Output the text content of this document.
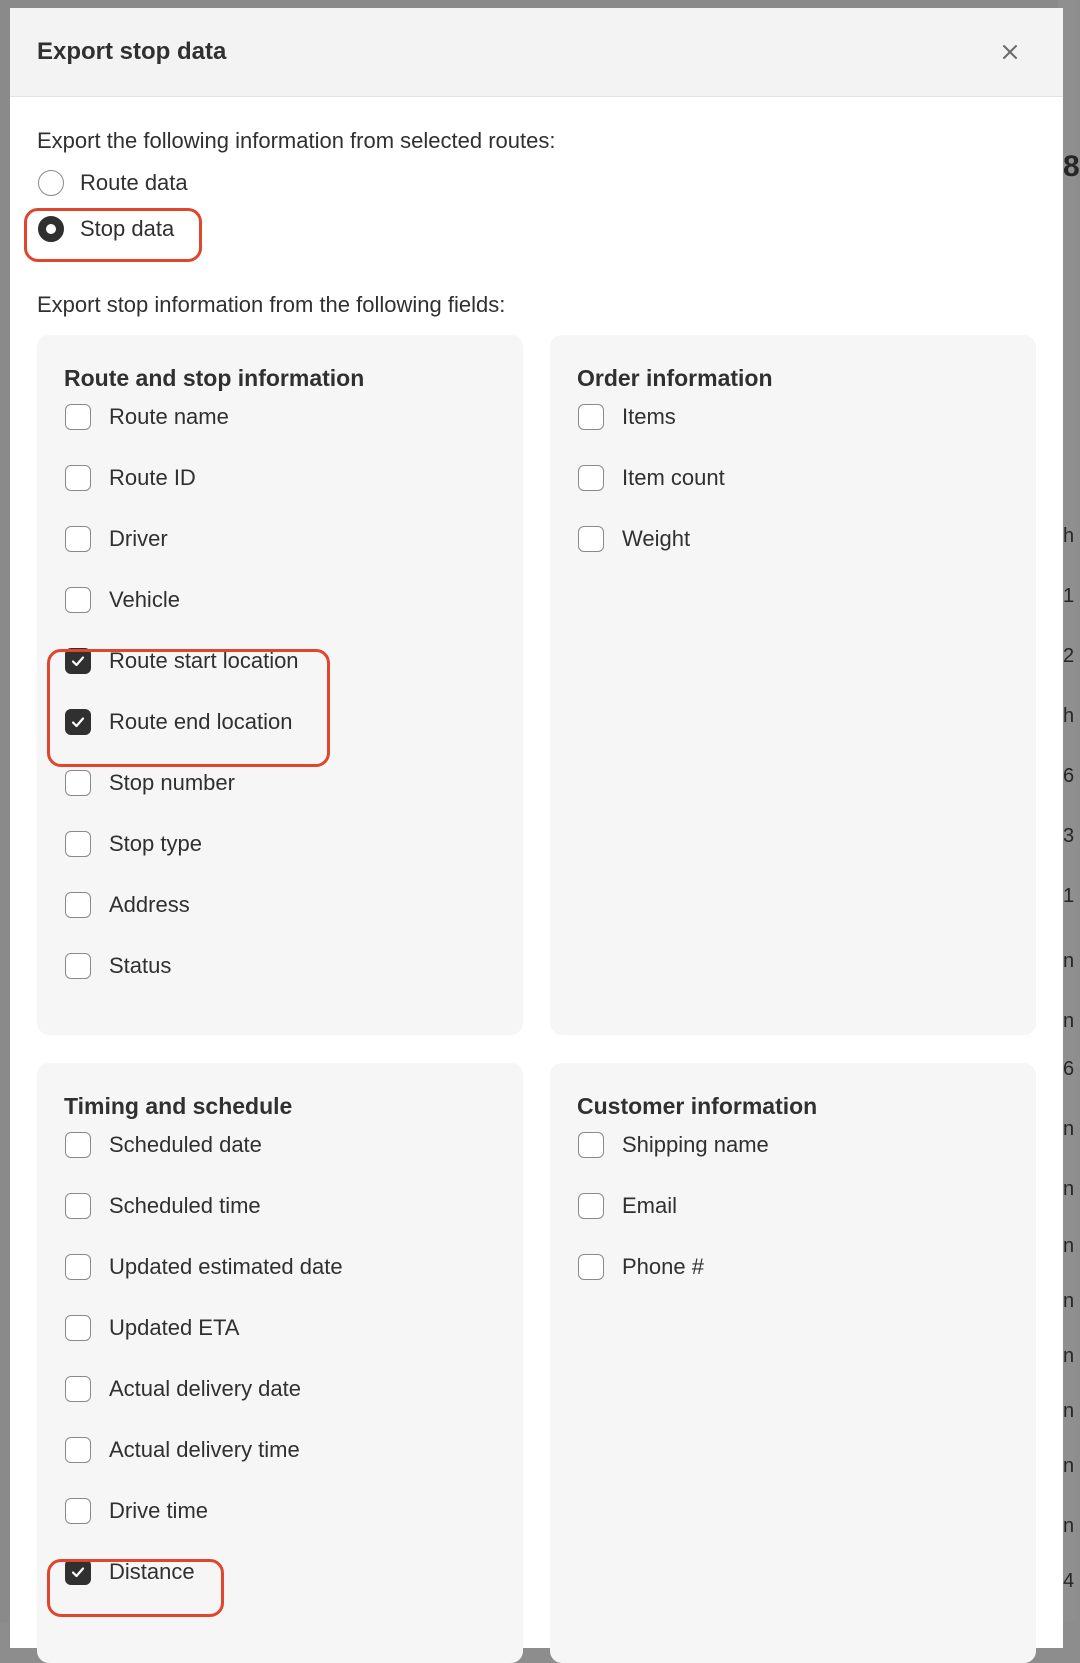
8
h
1
2
h
6
3
1
n
n
6
n
n
n
n
n
n
n
n
4
Export stop data
Export the following information from selected routes:
Route data
Stop data
Export stop information from the following fields:
Route and stop information
Route name
Route ID
Driver
Vehicle
Route start location
Route end location
Stop number
Stop type
Address
Status
Order information
Items
Item count
Weight
Timing and schedule
Scheduled date
Scheduled time
Updated estimated date
Updated ETA
Actual delivery date
Actual delivery time
Drive time
Distance
Customer information
Shipping name
Email
Phone #
